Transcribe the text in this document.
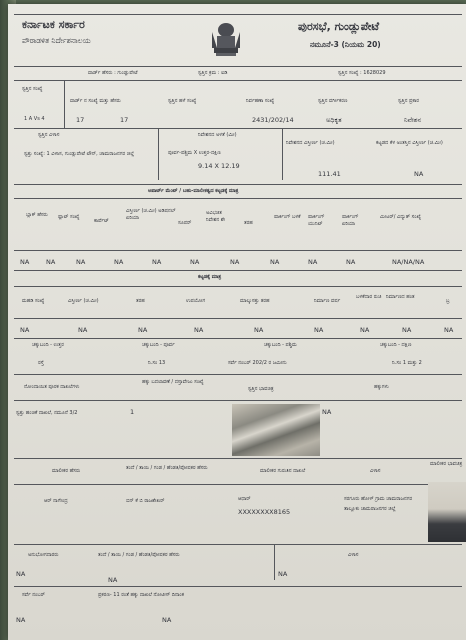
ಕರ್ನಾಟಕ ಸರ್ಕಾರ
ಪೌರಾಡಳಿತ ನಿರ್ದೇಶನಾಲಯ
ಪುರಸಭೆ, ಗುಂಡ್ಲುಪೇಟೆ
ನಮೂನೆ-3 (ನಿಯಮ 20)
ವಾರ್ಡ್ ಹೆಸರು : ಗುಂಡ್ಲುಪೇಟೆ	ಸ್ವತ್ತಿನ ಕ್ರಮ : ಐಡಿ	ಸ್ವತ್ತಿನ ಸಂಖ್ಯೆ : 1628029
ಸ್ವತ್ತಿನ ಸಂಖ್ಯೆ
1 A Vs 4
ವಾರ್ಡ್ ನ ಸಂಖ್ಯೆ ಮತ್ತು ಹೆಸರು	ಸ್ವತ್ತಿನ ಹಳೆ ಸಂಖ್ಯೆ	ನಿರ್ವಹಣಾ ಸಂಖ್ಯೆ	ಸ್ವತ್ತಿನ ವರ್ಗೀಕರಣ	ಸ್ವತ್ತಿನ ಪ್ರಕಾರ
17	17	2431/202/14	ಅಧಿಕೃತ	ನಿವೇಶನ
ಸ್ವತ್ತಿನ ವಿಳಾಸ
ಸ್ವತ್ತು ಸಂಖ್ಯೆ: 1 ವಿಳಾಸ, ಗುಂಡ್ಲುಪೇಟೆ ಟೌನ್, ಚಾಮರಾಜನಗರ ಜಿಲ್ಲೆ
ನಿವೇಶನದ ಅಳತೆ (ಮೀ)
ಪೂರ್ವ-ಪಶ್ಚಿಮ X ಉತ್ತರ-ದಕ್ಷಿಣ
9.14 X 12.19
ನಿವೇಶನದ ವಿಸ್ತೀರ್ಣ (ಚ.ಮೀ)
111.41
ಕಟ್ಟಡದ ಕೆಳ ಅಂತಸ್ತಿನ ವಿಸ್ತೀರ್ಣ (ಚ.ಮೀ)
NA
ಅಪಾರ್ಟ್ ಮೆಂಟ್ / ಬಹು-ಮಾಲೀಕತ್ವದ ಕಟ್ಟಡಕ್ಕೆ ಮಾತ್ರ
ಬ್ಲಾಕ್ ಹೆಸರು ಫ್ಲಾಟ್ ಸಂಖ್ಯೆ
ಕಾರ್ಪೆಟ್
ವಿಸ್ತೀರ್ಣ (ಚ.ಮೀ) ಅಡಿಷನಲ್ ಏರಿಯಾ
ಸೂಪರ್
ಅವಿಭಜಿತ ನಿವೇಶನ ಶೇ	ತರಹ
ಪಾರ್ಕಿಂಗ್ ಬಳಕೆ	ಪಾರ್ಕಿಂಗ್ ಯುನಿಟ್
ಪಾರ್ಕಿಂಗ್ ಏರಿಯಾ
ಮೀಟರ್/ ವಿದ್ಯುತ್ ಸಂಖ್ಯೆ
NA	NA	NA	NA	NA	NA	NA	NA	NA	NA	NA/NA/NA
ಕಟ್ಟಡಕ್ಕೆ ಮಾತ್ರ
ಮಹಡಿ ಸಂಖ್ಯೆ	ವಿಸ್ತೀರ್ಣ (ಚ.ಮೀ)	ತರಹ	ಉಪಯೋಗ	ಮಾಲ್ಕುಸತ್ತು ತರಹ	ನಿರ್ಮಾಣ ವರ್ಷ
ಬಳಕೆದಾರ ರುಚಿ ನಿರ್ಮಾಣದ ಹಂತ
ಬ್ರ
NA	NA	NA	NA	NA	NA	NA	NA	NA
ಚಕ್ಕುಬಂದಿ - ಉತ್ತರ	ಚಕ್ಕುಬಂದಿ - ಪೂರ್ವ	ಚಕ್ಕುಬಂದಿ - ಪಶ್ಚಿಮ	ಚಕ್ಕುಬಂದಿ - ದಕ್ಷಿಣ
ರಸ್ತೆ	ನಿ.ಸಂ 13	ಸರ್ವೆ ನಂಬರ್ 202/2 ರ ಜಮೀನು	ನಿ.ಸಂ 1 ಮತ್ತು 2
ನೋಂದಾಯಿತ ಪೂರಕ ದಾಖಲೆಗಳು
ಹಕ್ಕು ಬದಲಾವಣೆ / ದಸ್ತಾವೇಜು ಸಂಖ್ಯೆ
ಸ್ವತ್ತಿನ ಭಾವಚಿತ್ರ	ಹಕ್ಕುಗಳು
ಸ್ವತ್ತು ಹಂಚಿಕೆ ದಾಖಲೆ, ನಮೂನೆ 3/2	1	NA
ಮಾಲೀಕರ ಹೆಸರು	ತಂದೆ / ತಾಯಿ / ಗಂಡ / ಹೆಂಡತಿ/ಪೋಷಕರ ಹೆಸರು	ಮಾಲೀಕರ ಗುರುತಿನ ದಾಖಲೆ	ವಿಳಾಸ
ಮಾಲೀಕರ ಭಾವಚಿತ್ರ
ಆರ್ ನಾಗೇಂದ್ರ	ಬಿನ್ ಕೆ ಬಿ ರಾಜಶೇಖರ್	ಆಧಾರ್
XXXXXXXX8165
ಸರಗೂರು ಹೋಳ್ ಗ್ರಾಮ ಚಾಮರಾಜನಗರ ತಾಲ್ಲೂಕು ಚಾಮರಾಜನಗರ ಜಿಲ್ಲೆ
ಅನುಭೋಗದಾರರು	ತಂದೆ / ತಾಯಿ / ಗಂಡ / ಹೆಂಡತಿ/ಪೋಷಕರ ಹೆಸರು	ವಿಳಾಸ
NA
NA
NA
ಸರ್ವೆ ನಂಬರ್	ಪ್ರಕರಣ- 11 ರಂತೆ ಹಕ್ಕು ದಾಖಲೆ ನೋಟೀಸ್ ದಿನಾಂಕ
NA	NA
